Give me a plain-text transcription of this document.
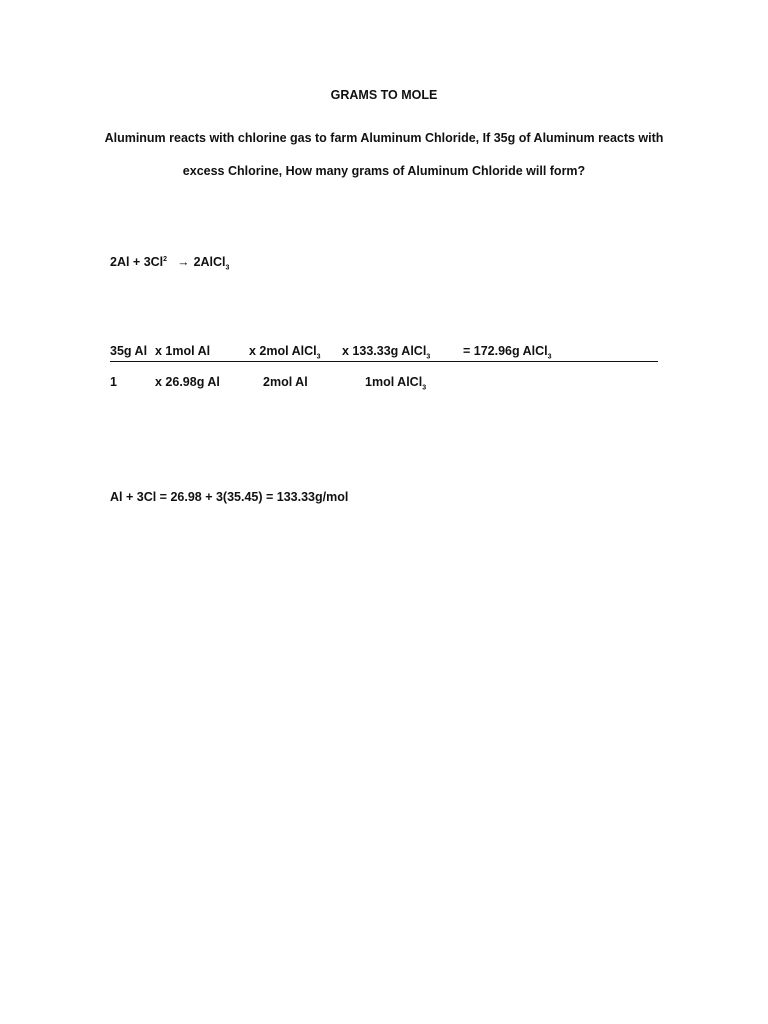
GRAMS TO MOLE
Aluminum reacts with chlorine gas to farm Aluminum Chloride, If 35g of Aluminum reacts with
excess Chlorine, How many grams of Aluminum Chloride will form?
$2Al + 3Cl^2$ → 2AlCl$_3$
35g Al x 1mol Al	x 2mol AlCl$_3$ x 133.33g AlCl$_3$	= 172.96g AlCl$_3$
1	x 26.98g Al	2mol Al	1mol AlCl$_3$
Al + 3Cl = 26.98 + 3(35.45) = 133.33g/mol
